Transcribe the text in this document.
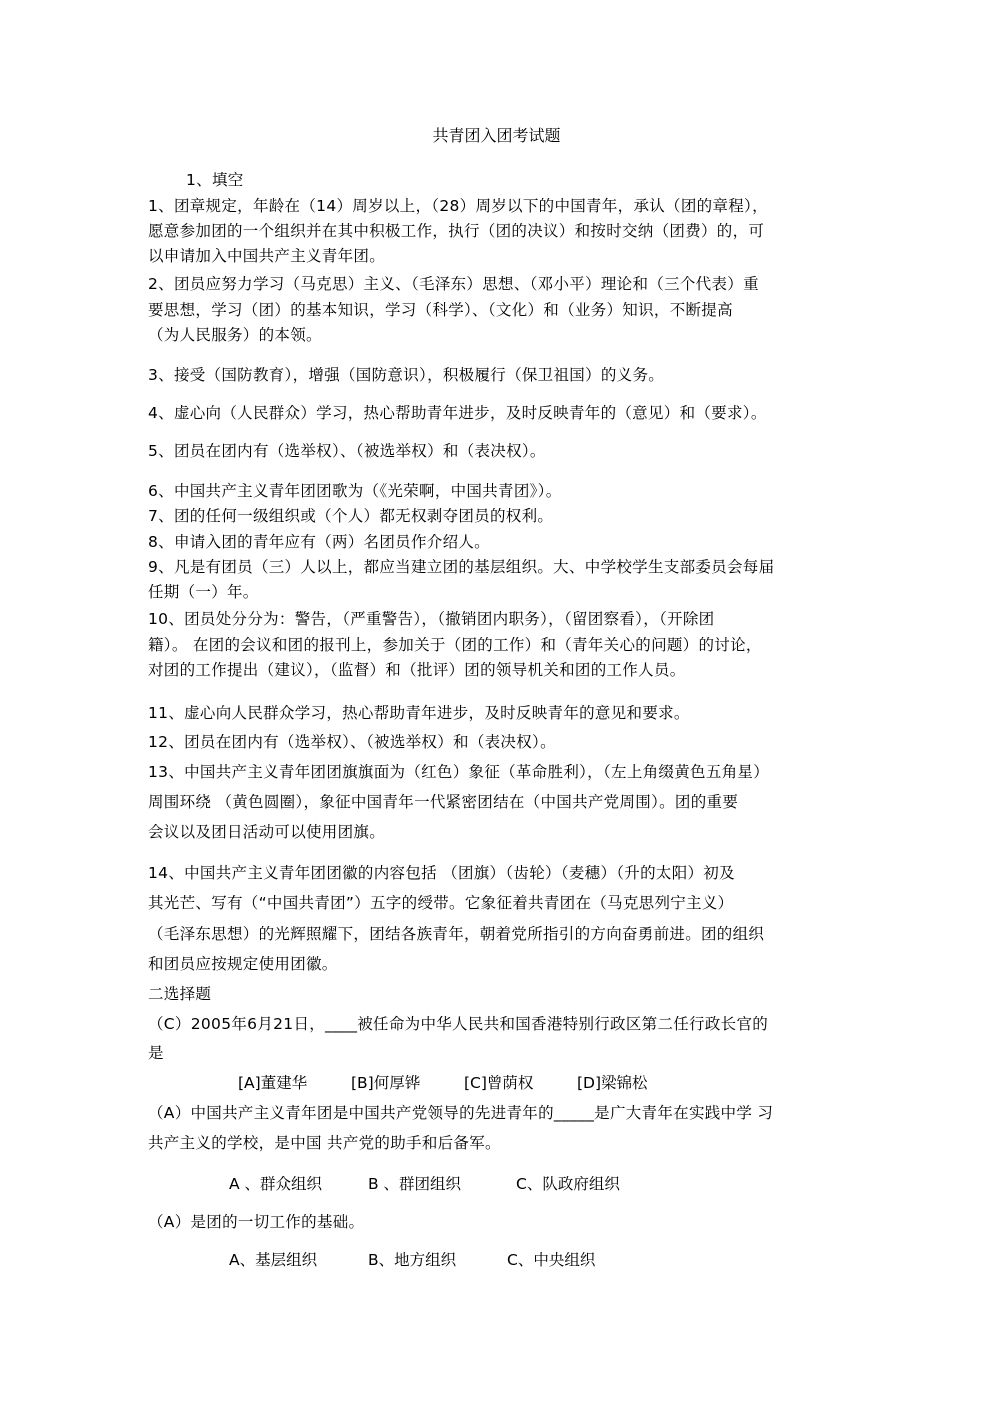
共青团入团考试题
1、填空
1、团章规定，年龄在（14）周岁以上，（28）周岁以下的中国青年，承认（团的章程），
愿意参加团的一个组织并在其中积极工作，执行（团的决议）和按时交纳（团费）的，可
以申请加入中国共产主义青年团。
2、团员应努力学习（马克思）主义、（毛泽东）思想、（邓小平）理论和（三个代表）重
要思想，学习（团）的基本知识，学习（科学）、（文化）和（业务）知识，不断提高
（为人民服务）的本领。
3、接受（国防教育），增强（国防意识），积极履行（保卫祖国）的义务。
4、虚心向（人民群众）学习，热心帮助青年进步，及时反映青年的（意见）和（要求）。
5、团员在团内有（选举权）、（被选举权）和（表决权）。
6、中国共产主义青年团团歌为（《光荣啊，中国共青团》）。
7、团的任何一级组织或（个人）都无权剥夺团员的权利。
8、申请入团的青年应有（两）名团员作介绍人。
9、凡是有团员（三）人以上，都应当建立团的基层组织。大、中学校学生支部委员会每届
任期（一）年。
10、团员处分分为：警告，（严重警告），（撤销团内职务），（留团察看），（开除团
籍）。 在团的会议和团的报刊上，参加关于（团的工作）和（青年关心的问题）的讨论，
对团的工作提出（建议），（监督）和（批评）团的领导机关和团的工作人员。
11、虚心向人民群众学习，热心帮助青年进步，及时反映青年的意见和要求。
12、团员在团内有（选举权）、（被选举权）和（表决权）。
13、中国共产主义青年团团旗旗面为（红色）象征（革命胜利），（左上角缀黄色五角星）
周围环绕 （黄色圆圈），象征中国青年一代紧密团结在（中国共产党周围）。团的重要
会议以及团日活动可以使用团旗。
14、中国共产主义青年团团徽的内容包括 （团旗）（齿轮）（麦穗）（升的太阳）初及
其光芒、写有（“中国共青团”）五字的绶带。它象征着共青团在（马克思列宁主义）
（毛泽东思想）的光辉照耀下，团结各族青年，朝着党所指引的方向奋勇前进。团的组织
和团员应按规定使用团徽。
二选择题
（C）2005年6月21日，____被任命为中华人民共和国香港特别行政区第二任行政长官的
是
[A]董建华	[B]何厚铧	[C]曾荫权	[D]梁锦松
（A）中国共产主义青年团是中国共产党领导的先进青年的_____是广大青年在实践中学 习
共产主义的学校，是中国 共产党的助手和后备军。
A 、群众组织	B 、群团组织	C、队政府组织
（A）是团的一切工作的基础。
A、基层组织	B、地方组织	C、中央组织
